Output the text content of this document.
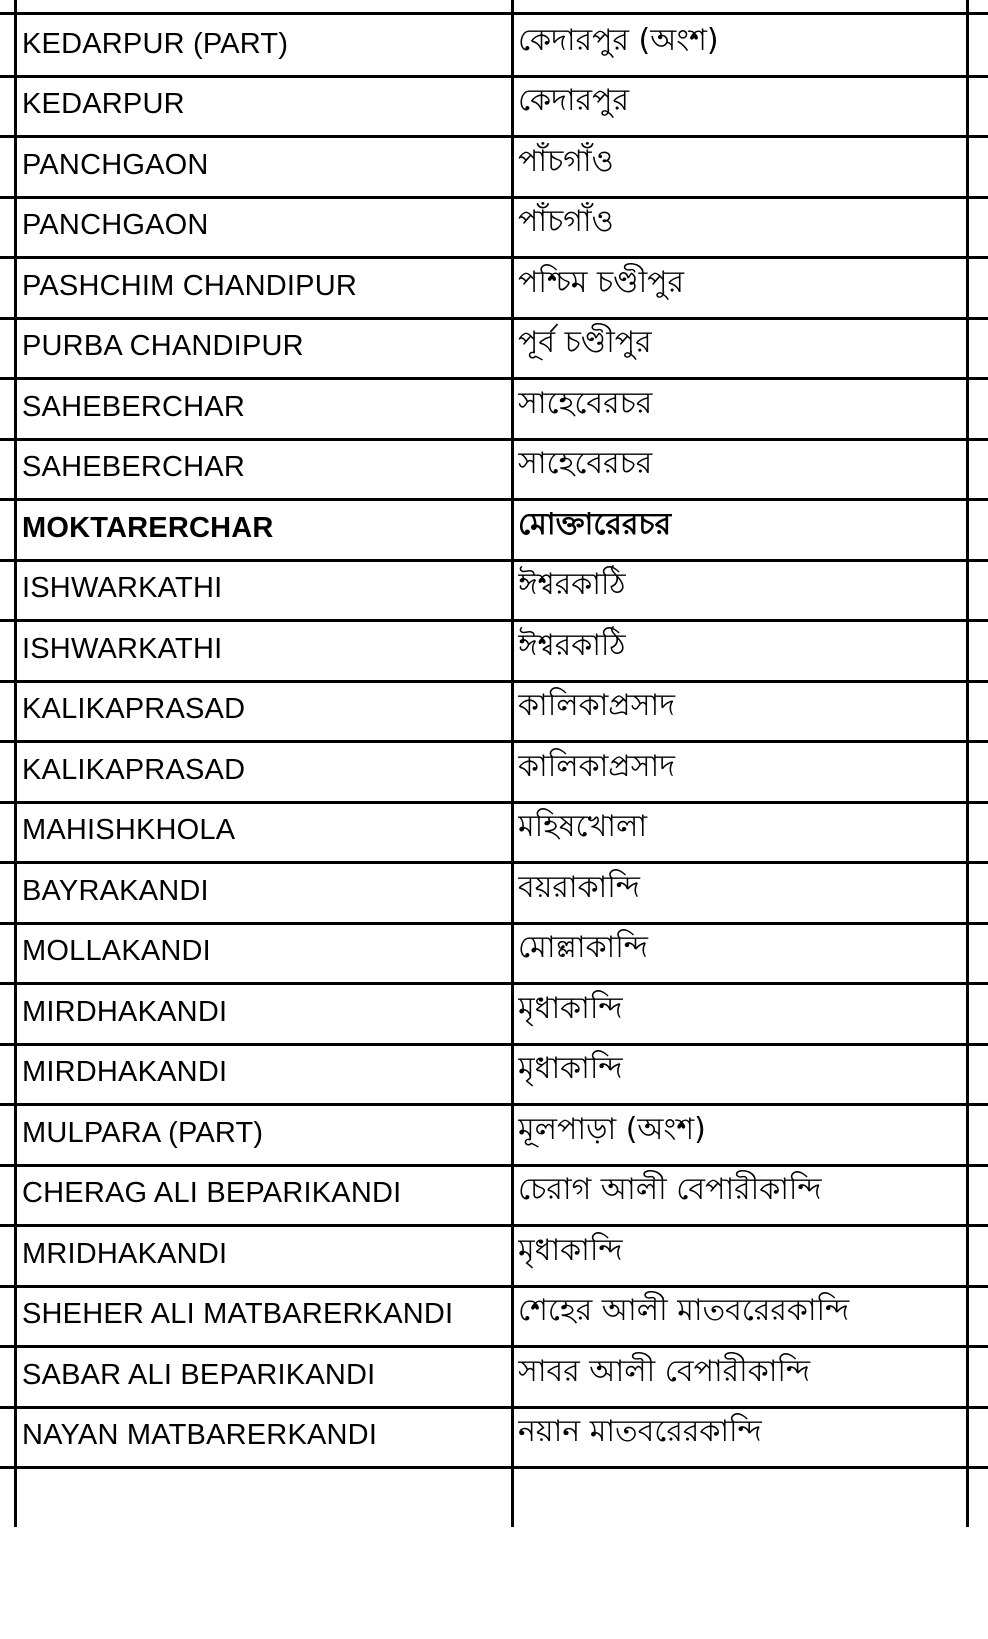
KEDARPUR (PART)	কেদারপুর (অংশ)
KEDARPUR	কেদারপুর
PANCHGAON	পাঁচগাঁও
PANCHGAON	পাঁচগাঁও
PASHCHIM CHANDIPUR	পশ্চিম চণ্ডীপুর
PURBA CHANDIPUR	পূর্ব চণ্ডীপুর
SAHEBERCHAR	সাহেবেরচর
SAHEBERCHAR	সাহেবেরচর
MOKTARERCHAR	মোক্তারেরচর
ISHWARKATHI	ঈশ্বরকাঠি
ISHWARKATHI	ঈশ্বরকাঠি
KALIKAPRASAD	কালিকাপ্রসাদ
KALIKAPRASAD	কালিকাপ্রসাদ
MAHISHKHOLA	মহিষখোলা
BAYRAKANDI	বয়রাকান্দি
MOLLAKANDI	মোল্লাকান্দি
MIRDHAKANDI	মৃধাকান্দি
MIRDHAKANDI	মৃধাকান্দি
MULPARA (PART)	মূলপাড়া (অংশ)
CHERAG ALI BEPARIKANDI	চেরাগ আলী বেপারীকান্দি
MRIDHAKANDI	মৃধাকান্দি
SHEHER ALI MATBARERKANDI	শেহের আলী মাতবরেরকান্দি
SABAR ALI BEPARIKANDI	সাবর আলী বেপারীকান্দি
NAYAN MATBARERKANDI	নয়ান মাতবরেরকান্দি
